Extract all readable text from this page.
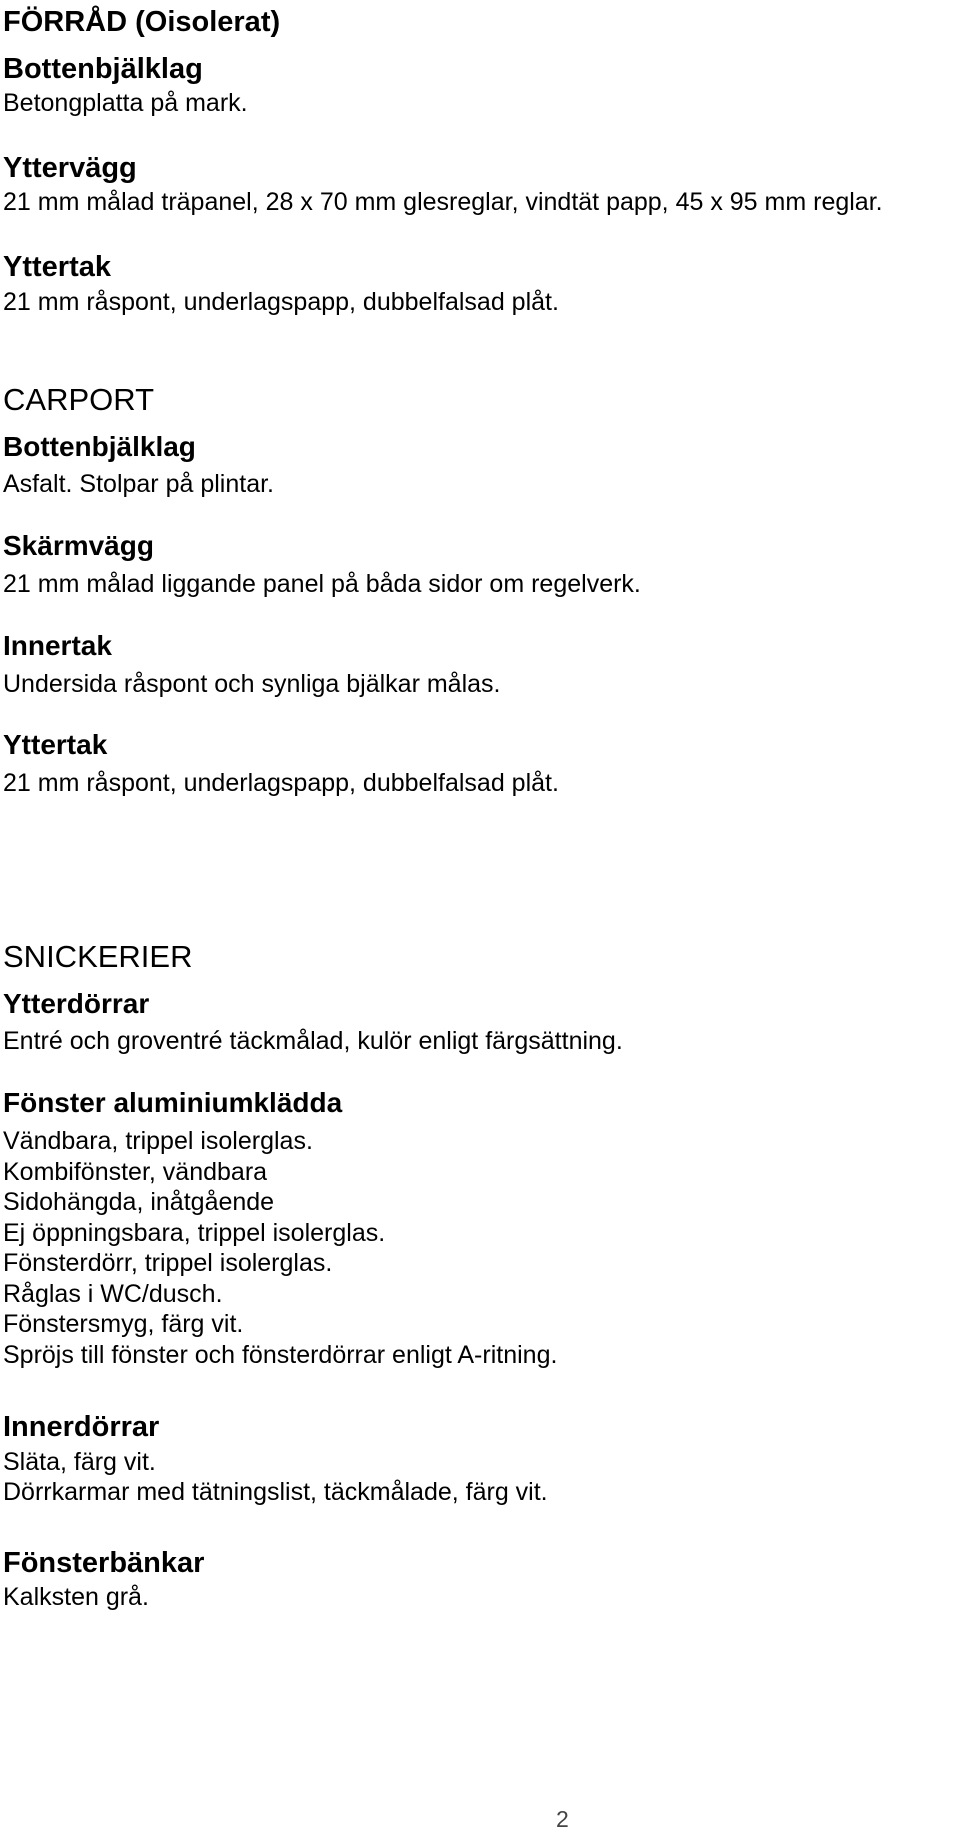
FÖRRÅD (Oisolerat)
Bottenbjälklag

Betongplatta på mark.

Yttervägg

21 mm målad träpanel, 28 x 70 mm glesreglar, vindtät papp, 45 x 95 mm reglar.

Yttertak

21 mm råspont, underlagspapp, dubbelfalsad plåt.

CARPORT
Bottenbjälklag

Asfalt. Stolpar på plintar.

Skärmvägg

21 mm målad liggande panel på båda sidor om regelverk.

Innertak

Undersida råspont och synliga bjälkar målas.

Yttertak

21 mm råspont, underlagspapp, dubbelfalsad plåt.

SNICKERIER
Ytterdörrar

Entré och groventré täckmålad, kulör enligt färgsättning.

Fönster aluminiumklädda

Vändbara, trippel isolerglas.

Kombifönster, vändbara

Sidohängda, inåtgående

Ej öppningsbara, trippel isolerglas.

Fönsterdörr, trippel isolerglas.

Råglas i WC/dusch.

Fönstersmyg, färg vit.

Spröjs till fönster och fönsterdörrar enligt A-ritning.

Innerdörrar

Släta, färg vit.

Dörrkarmar med tätningslist, täckmålade, färg vit.

Fönsterbänkar

Kalksten grå.

2
